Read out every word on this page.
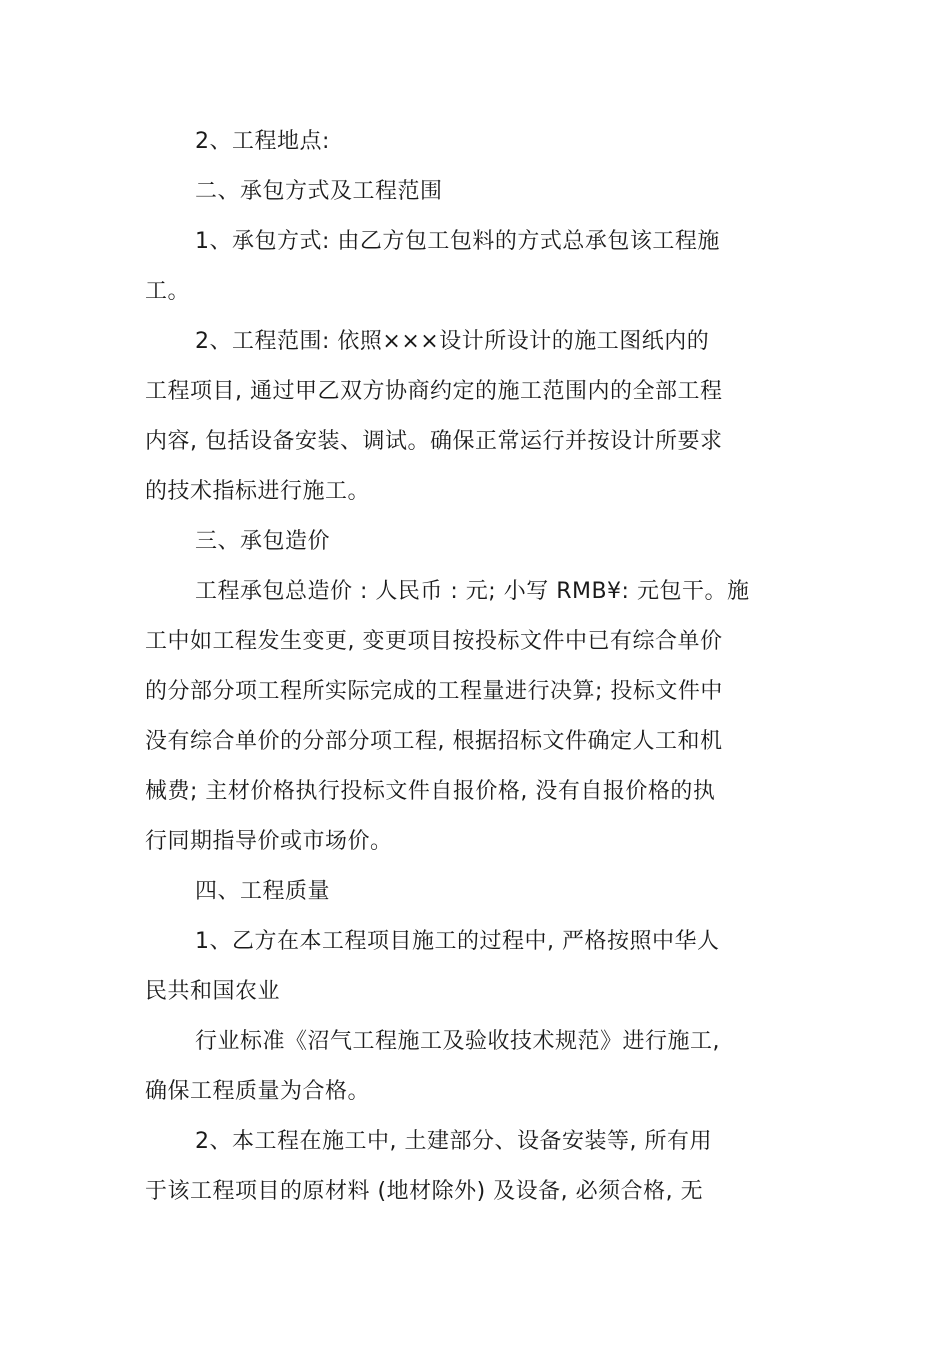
2、工程地点:
二、承包方式及工程范围
1、承包方式: 由乙方包工包料的方式总承包该工程施
工。
2、工程范围: 依照×××设计所设计的施工图纸内的
工程项目, 通过甲乙双方协商约定的施工范围内的全部工程
内容, 包括设备安装、调试。确保正常运行并按设计所要求
的技术指标进行施工。
三、承包造价
工程承包总造价 : 人民币 : 元; 小写 RMB¥: 元包干。施
工中如工程发生变更, 变更项目按投标文件中已有综合单价
的分部分项工程所实际完成的工程量进行决算; 投标文件中
没有综合单价的分部分项工程, 根据招标文件确定人工和机
械费; 主材价格执行投标文件自报价格, 没有自报价格的执
行同期指导价或市场价。
四、工程质量
1、乙方在本工程项目施工的过程中, 严格按照中华人
民共和国农业
行业标准《沼气工程施工及验收技术规范》进行施工,
确保工程质量为合格。
2、本工程在施工中, 土建部分、设备安装等, 所有用
于该工程项目的原材料 (地材除外) 及设备, 必须合格, 无
